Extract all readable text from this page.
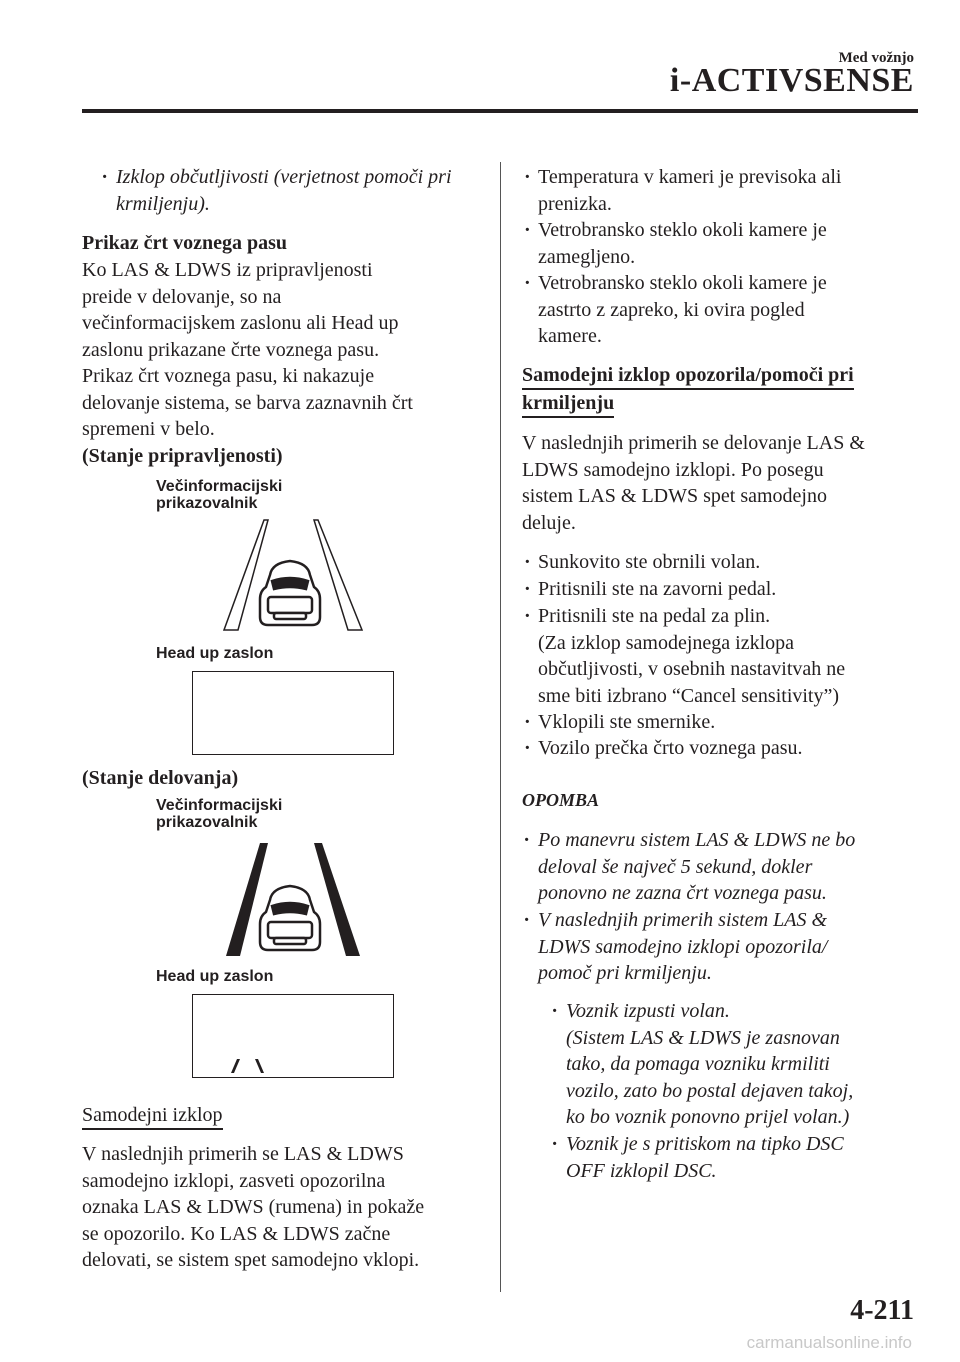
Med vožnjo
i-ACTIVSENSE
· Izklop občutljivosti (verjetnost pomoči pri krmiljenju).
Prikaz črt voznega pasu
Ko LAS & LDWS iz pripravljenosti
preide v delovanje, so na
večinformacijskem zaslonu ali Head up
zaslonu prikazane črte voznega pasu.
Prikaz črt voznega pasu, ki nakazuje
delovanje sistema, se barva zaznavnih črt
spremeni v belo.
(Stanje pripravljenosti)
Večinformacijski
prikazovalnik
Head up zaslon
(Stanje delovanja)
Večinformacijski
prikazovalnik
Head up zaslon
Samodejni izklop
V naslednjih primerih se LAS & LDWS
samodejno izklopi, zasveti opozorilna
oznaka LAS & LDWS (rumena) in pokaže
se opozorilo. Ko LAS & LDWS začne
delovati, se sistem spet samodejno vklopi.
· Temperatura v kameri je previsoka ali
prenizka.
· Vetrobransko steklo okoli kamere je
zamegljeno.
· Vetrobransko steklo okoli kamere je
zastrto z zapreko, ki ovira pogled
kamere.
Samodejni izklop opozorila/pomoči pri
krmiljenju
V naslednjih primerih se delovanje LAS &
LDWS samodejno izklopi. Po posegu
sistem LAS & LDWS spet samodejno
deluje.
· Sunkovito ste obrnili volan.
· Pritisnili ste na zavorni pedal.
· Pritisnili ste na pedal za plin.
(Za izklop samodejnega izklopa
občutljivosti, v osebnih nastavitvah ne
sme biti izbrano “Cancel sensitivity”)
· Vklopili ste smernike.
· Vozilo prečka črto voznega pasu.
OPOMBA
· Po manevru sistem LAS & LDWS ne bo
deloval še največ 5 sekund, dokler
ponovno ne zazna črt voznega pasu.
· V naslednjih primerih sistem LAS &
LDWS samodejno izklopi opozorila/
pomoč pri krmiljenju.
· Voznik izpusti volan.
(Sistem LAS & LDWS je zasnovan
tako, da pomaga vozniku krmiliti
vozilo, zato bo postal dejaven takoj,
ko bo voznik ponovno prijel volan.)
· Voznik je s pritiskom na tipko DSC
OFF izklopil DSC.
4-211
carmanualsonline.info
